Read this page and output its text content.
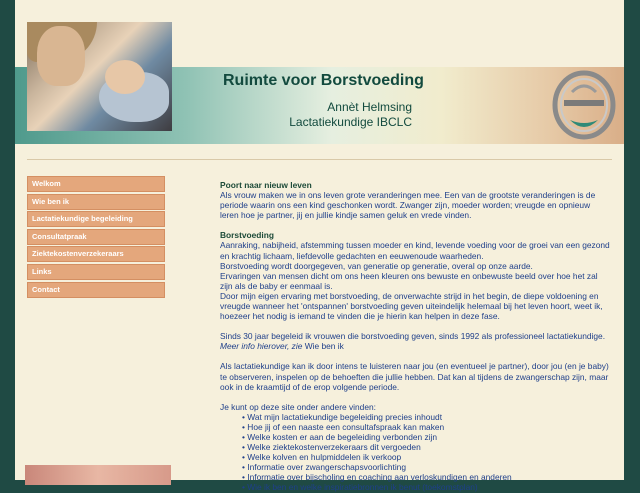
Ruimte voor Borstvoeding
Annèt Helmsing
Lactatiekundige IBCLC
Welkom
Wie ben ik
Lactatiekundige begeleiding
Consultatpraak
Ziektekostenverzekeraars
Links
Contact

Poort naar nieuw leven
Als vrouw maken we in ons leven grote veranderingen mee. Een van de grootste veranderingen is de periode waarin ons een kind geschonken wordt. Zwanger zijn, moeder worden; vreugde en opnieuw leren hoe je partner, jij en jullie kindje samen geluk en vrede vinden.

Borstvoeding
Aanraking, nabijheid, afstemming tussen moeder en kind, levende voeding voor de groei van een gezond en krachtig lichaam, liefdevolle gedachten en eeuwenoude waarheden.
Borstvoeding wordt doorgegeven, van generatie op generatie, overal op onze aarde.
Ervaringen van mensen dicht om ons heen kleuren ons bewuste en onbewuste beeld over hoe het zal zijn als de baby er eenmaal is.
Door mijn eigen ervaring met borstvoeding, de onverwachte strijd in het begin, de diepe voldoening en vreugde wanneer het 'ontspannen' borstvoeding geven uiteindelijk helemaal bij het leven hoort, weet ik, hoezeer het nodig is iemand te vinden die je hierin kan helpen in deze fase.

Sinds 30 jaar begeleid ik vrouwen die borstvoeding geven, sinds 1992 als professioneel lactatiekundige. Meer info hierover, zie Wie ben ik

Als lactatiekundige kan ik door intens te luisteren naar jou (en eventueel je partner), door jou (en je baby) te observeren, inspelen op de behoeften die jullie hebben. Dat kan al tijdens de zwangerschap zijn, maar ook in de kraamtijd of de erop volgende periode.

Je kunt op deze site onder andere vinden:
• Wat mijn lactatiekundige begeleiding precies inhoudt
• Hoe jij of een naaste een consultafspraak kan maken
• Welke kosten er aan de begeleiding verbonden zijn
• Welke ziektekostenverzekeraars dit vergoeden
• Welke kolven en hulpmiddelen ik verkoop
• Informatie over zwangerschapsvoorlichting
• Informatie over bijscholing en coaching aan verloskundigen en anderen
• Wie ik ben en welke inspiratiebronnen ik benut (toekomstplan)
